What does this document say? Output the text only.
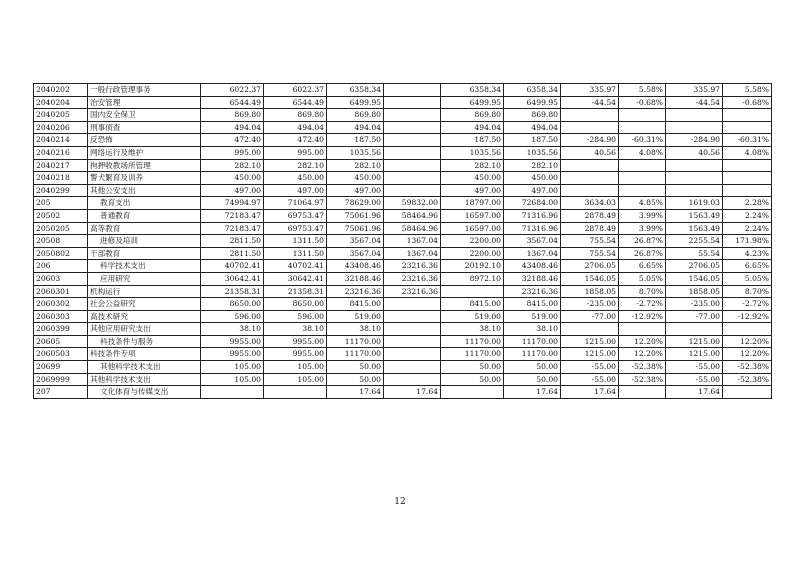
2040202	一般行政管理事务	6022.37	6022.37	6358.34		6358.34	6358.34	335.97	5.58%	335.97	5.58%
2040204	治安管理	6544.49	6544.49	6499.95		6499.95	6499.95	-44.54	-0.68%	-44.54	-0.68%
2040205	国内安全保卫	869.80	869.80	869.80		869.80	869.80				
2040206	刑事侦查	494.04	494.04	494.04		494.04	494.04				
2040214	反恐怖	472.40	472.40	187.50		187.50	187.50	-284.90	-60.31%	-284.90	-60.31%
2040216	网络运行及维护	995.00	995.00	1035.56		1035.56	1035.56	40.56	4.08%	40.56	4.08%
2040217	拘押收教场所管理	282.10	282.10	282.10		282.10	282.10				
2040218	警犬繁育及训养	450.00	450.00	450.00		450.00	450.00				
2040299	其他公安支出	497.00	497.00	497.00		497.00	497.00				
205	教育支出	74994.97	71064.97	78629.00	59832.00	18797.00	72684.00	3634.03	4.85%	1619.03	2.28%
20502	普通教育	72183.47	69753.47	75061.96	58464.96	16597.00	71316.96	2878.49	3.99%	1563.49	2.24%
2050205	高等教育	72183.47	69753.47	75061.96	58464.96	16597.00	71316.96	2878.49	3.99%	1563.49	2.24%
20508	进修及培训	2811.50	1311.50	3567.04	1367.04	2200.00	3567.04	755.54	26.87%	2255.54	171.98%
2050802	干部教育	2811.50	1311.50	3567.04	1367.04	2200.00	1367.04	755.54	26.87%	55.54	4.23%
206	科学技术支出	40702.41	40702.41	43408.46	23216.36	20192.10	43408.46	2706.05	6.65%	2706.05	6.65%
20603	应用研究	30642.41	30642.41	32188.46	23216.36	8972.10	32188.46	1546.05	5.05%	1546.05	5.05%
2060301	机构运行	21358.31	21358.31	23216.36	23216.36		23216.36	1858.05	8.70%	1858.05	8.70%
2060302	社会公益研究	8650.00	8650.00	8415.00		8415.00	8415.00	-235.00	-2.72%	-235.00	-2.72%
2060303	高技术研究	596.00	596.00	519.00		519.00	519.00	-77.00	-12.92%	-77.00	-12.92%
2060399	其他应用研究支出	38.10	38.10	38.10		38.10	38.10				
20605	科技条件与服务	9955.00	9955.00	11170.00		11170.00	11170.00	1215.00	12.20%	1215.00	12.20%
2060503	科技条件专项	9955.00	9955.00	11170.00		11170.00	11170.00	1215.00	12.20%	1215.00	12.20%
20699	其他科学技术支出	105.00	105.00	50.00		50.00	50.00	-55.00	-52.38%	-55.00	-52.38%
2069999	其他科学技术支出	105.00	105.00	50.00		50.00	50.00	-55.00	-52.38%	-55.00	-52.38%
207	文化体育与传媒支出			17.64	17.64		17.64	17.64		17.64	
12
